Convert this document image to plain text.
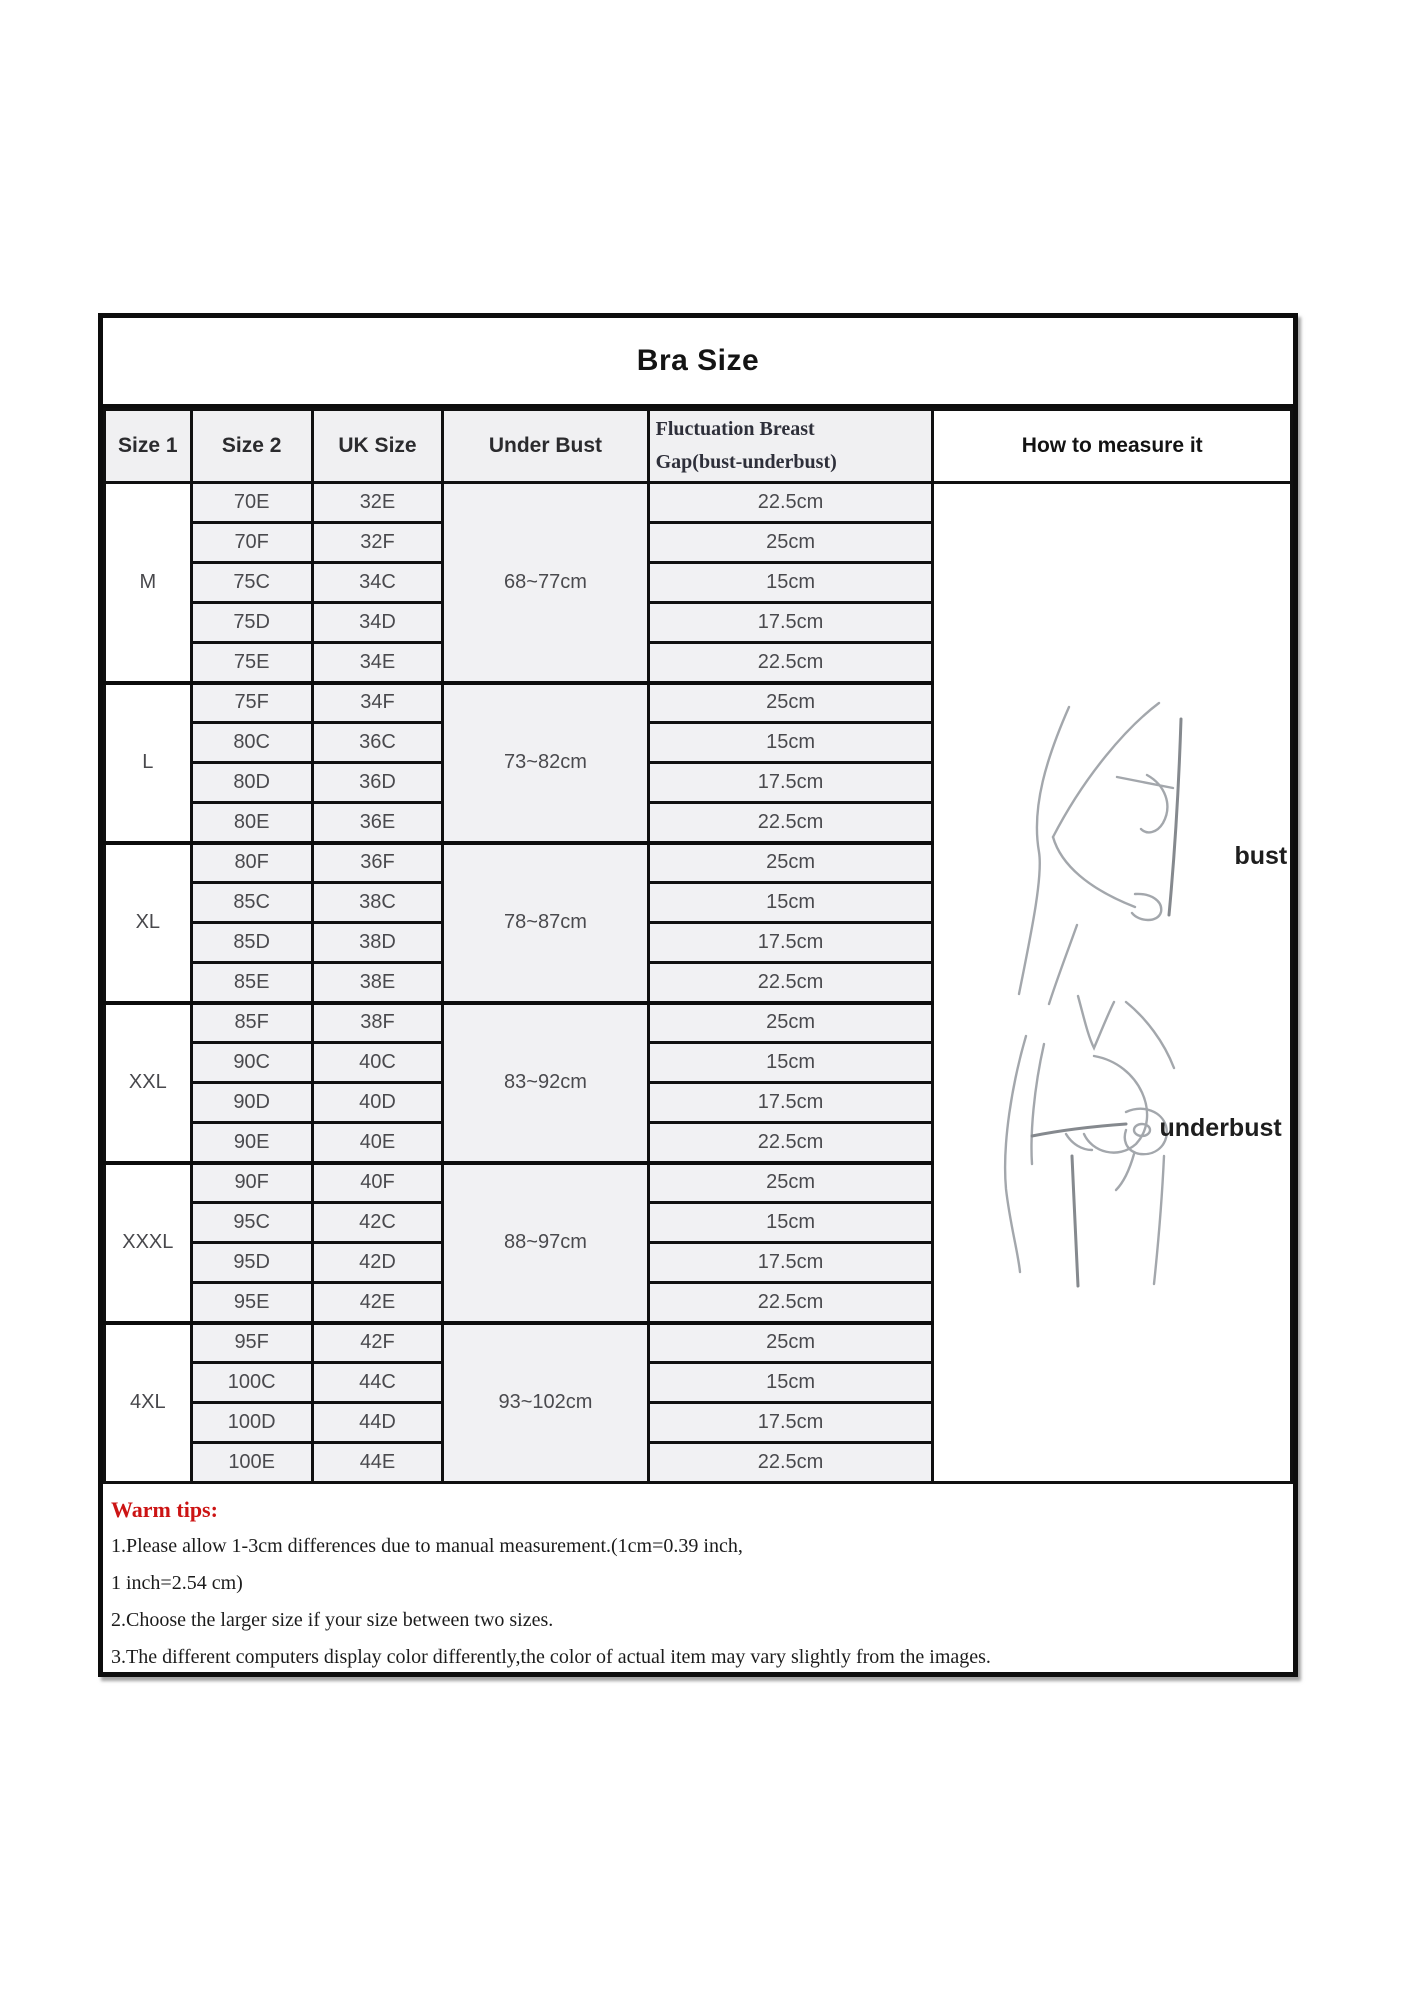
Bra Size
Size 1	Size 2	UK Size	Under Bust	Fluctuation Breast
Gap(bust-underbust)	How to measure it
M	70E	32E	68~77cm	22.5cm	bust
underbust

	70F	32F		25cm	
	75C	34C		15cm	
	75D	34D		17.5cm	
	75E	34E		22.5cm	
L	75F	34F	73~82cm	25cm	
	80C	36C		15cm	
	80D	36D		17.5cm	
	80E	36E		22.5cm	
XL	80F	36F	78~87cm	25cm	
	85C	38C		15cm	
	85D	38D		17.5cm	
	85E	38E		22.5cm	
XXL	85F	38F	83~92cm	25cm	
	90C	40C		15cm	
	90D	40D		17.5cm	
	90E	40E		22.5cm	
XXXL	90F	40F	88~97cm	25cm	
	95C	42C		15cm	
	95D	42D		17.5cm	
	95E	42E		22.5cm	
4XL	95F	42F	93~102cm	25cm	
	100C	44C		15cm	
	100D	44D		17.5cm	
	100E	44E		22.5cm	
Warm tips:
1.Please allow 1-3cm differences due to manual measurement.(1cm=0.39 inch,
1 inch=2.54 cm)
2.Choose the larger size if your size between two sizes.
3.The different computers display color differently,the color of actual item may vary slightly from the images.
